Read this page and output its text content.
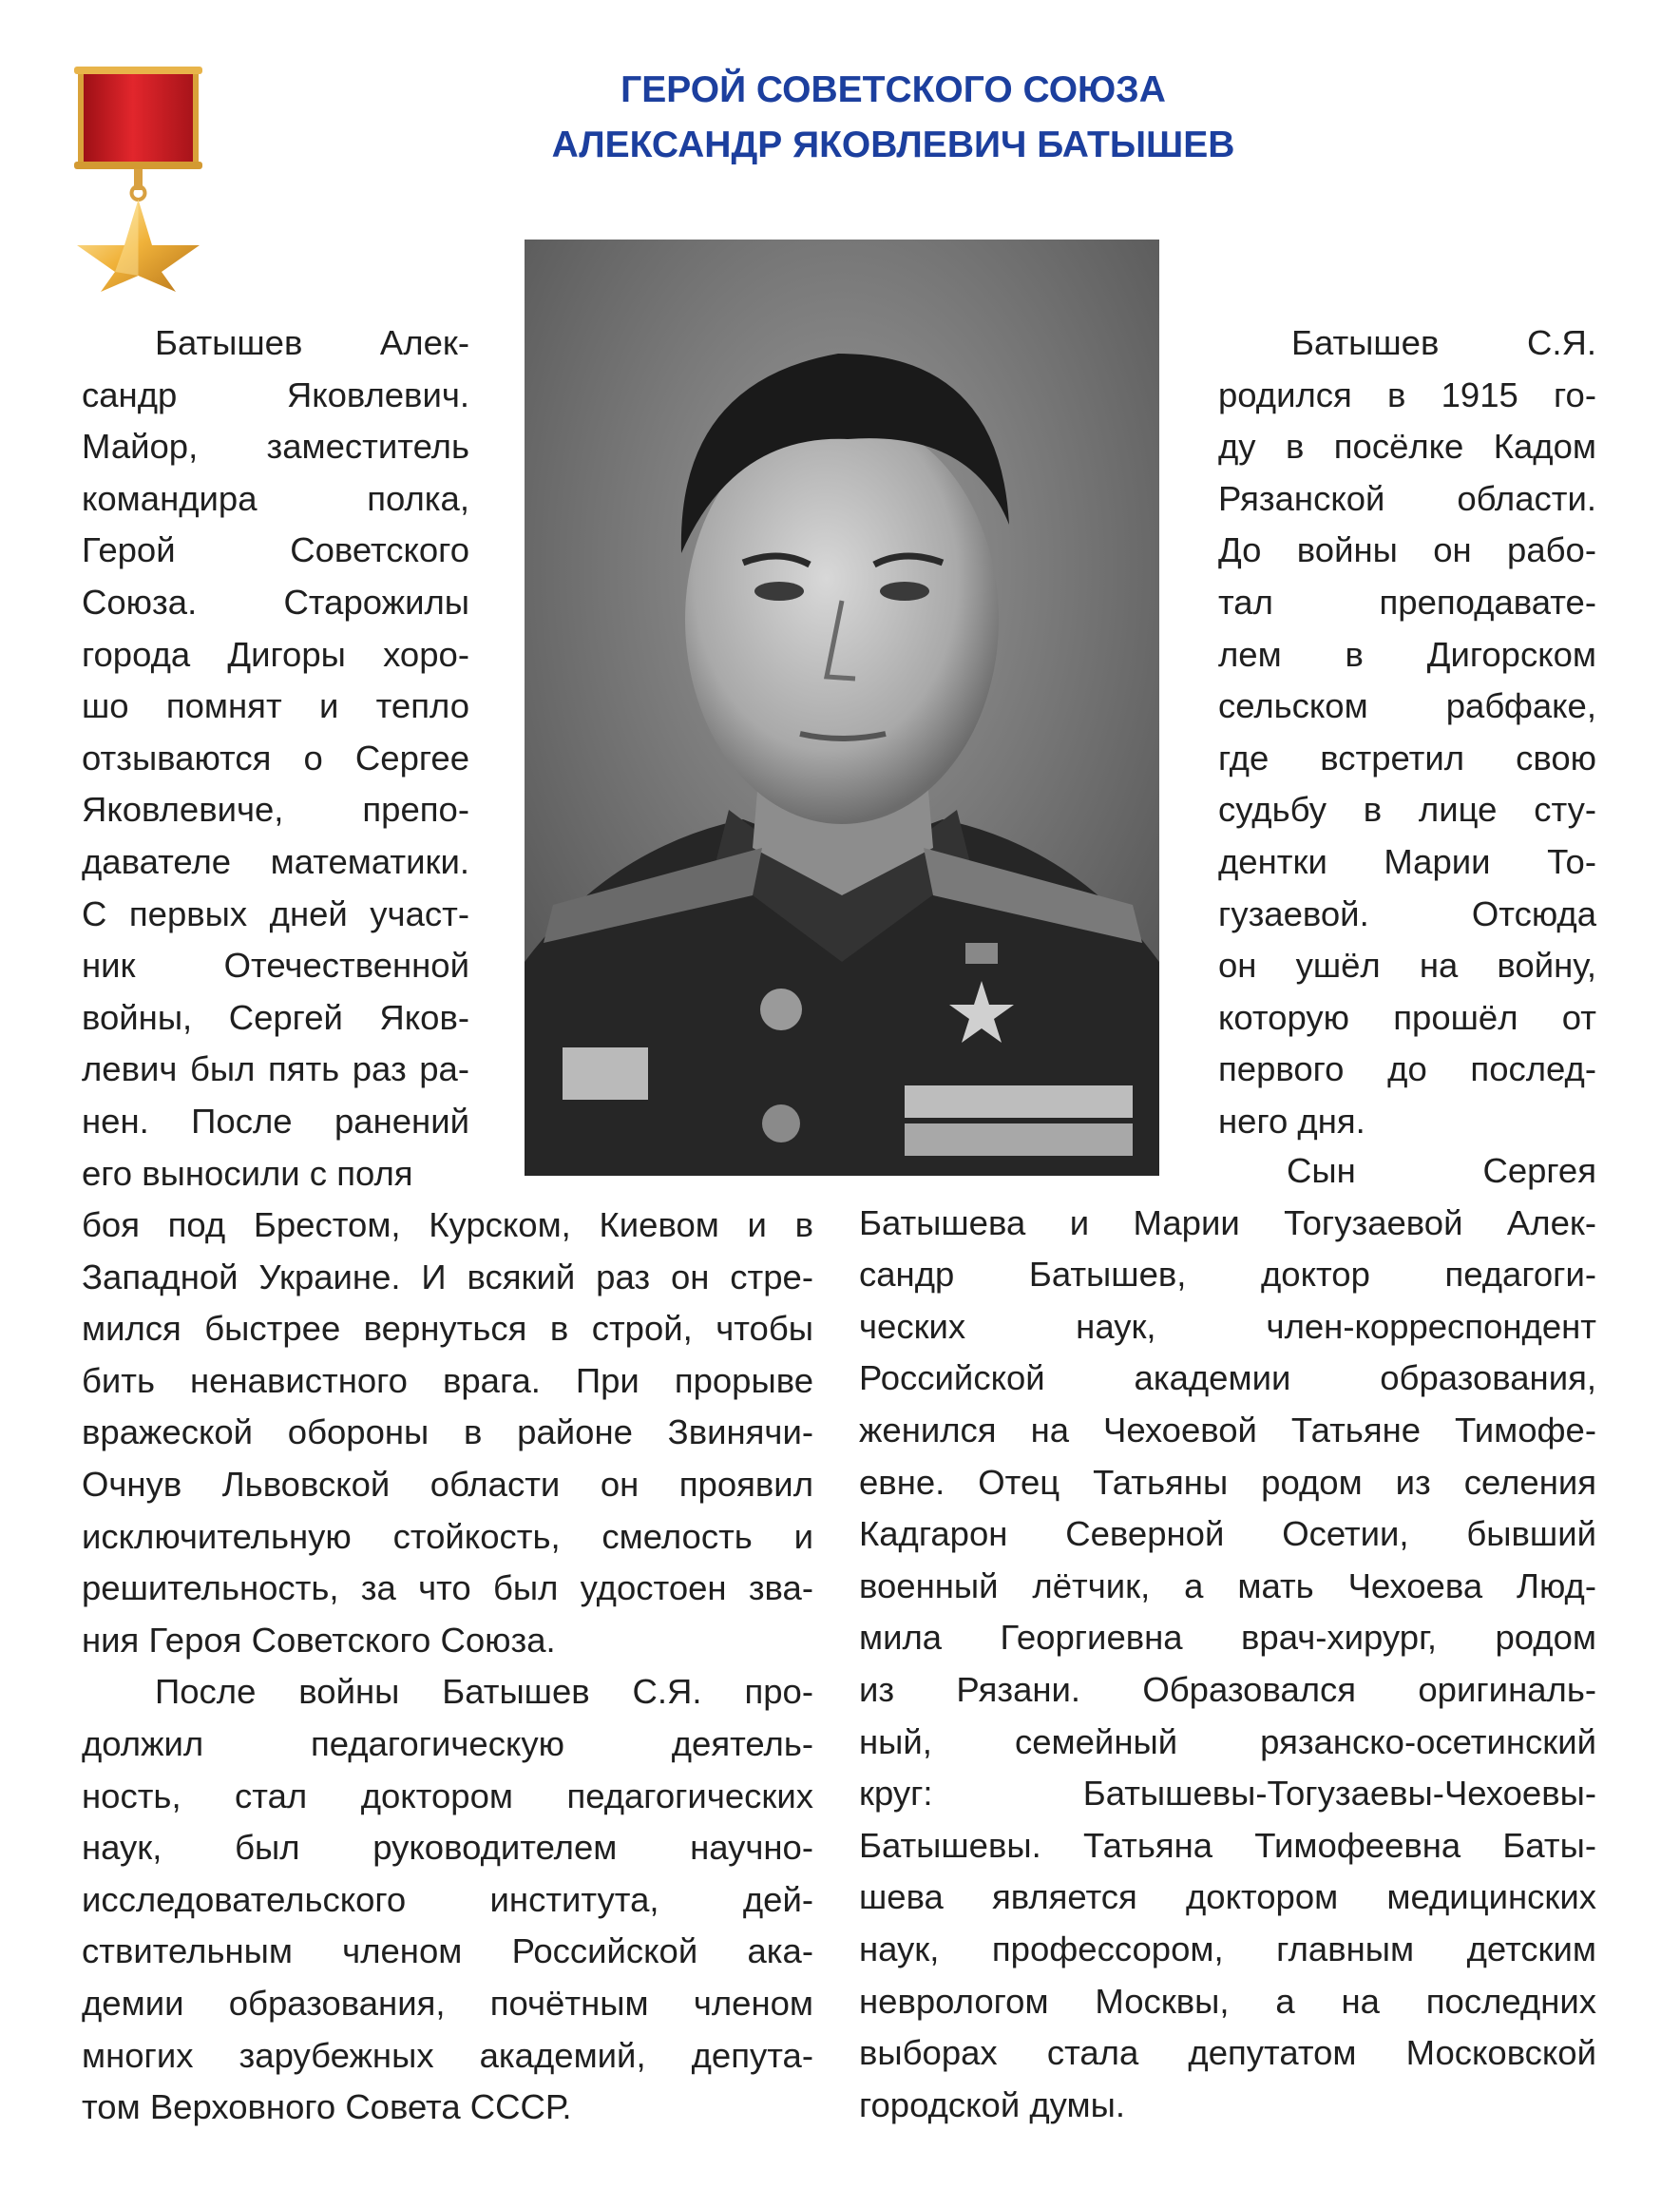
ГЕРОЙ СОВЕТСКОГО СОЮЗА
АЛЕКСАНДР ЯКОВЛЕВИЧ БАТЫШЕВ

Батышев Алек-
сандр Яковлевич.
Майор, заместитель
командира полка,
Герой Советского
Союза. Старожилы
города Дигоры хоро-
шо помнят и тепло
отзываются о Сергее
Яковлевиче, препо-
давателе математики.
С первых дней участ-
ник Отечественной
войны, Сергей Яков-
левич был пять раз ра-
нен. После ранений
его выносили с поля

боя под Брестом, Курском, Киевом и в
Западной Украине. И всякий раз он стре-
мился быстрее вернуться в строй, чтобы
бить ненавистного врага. При прорыве
вражеской обороны в районе Звинячи-
Очнув Львовской области он проявил
исключительную стойкость, смелость и
решительность, за что был удостоен зва-
ния Героя Советского Союза.

После войны Батышев С.Я. про-
должил педагогическую деятель-
ность, стал доктором педагогических
наук, был руководителем научно-
исследовательского института, дей-
ствительным членом Российской ака-
демии образования, почётным членом
многих зарубежных академий, депута-
том Верховного Совета СССР.

Батышев С.Я.
родился в 1915 го-
ду в посёлке Кадом
Рязанской области.
До войны он рабо-
тал преподавате-
лем в Дигорском
сельском рабфаке,
где встретил свою
судьбу в лице сту-
дентки Марии То-
гузаевой. Отсюда
он ушёл на войну,
которую прошёл от
первого до послед-
него дня.

Сын Сергея
Батышева и Марии Тогузаевой Алек-
сандр Батышев, доктор педагоги-
ческих наук, член-корреспондент
Российской академии образования,
женился на Чехоевой Татьяне Тимофе-
евне. Отец Татьяны родом из селения
Кадгарон Северной Осетии, бывший
военный лётчик, а мать Чехоева Люд-
мила Георгиевна врач-хирург, родом
из Рязани. Образовался оригиналь-
ный, семейный рязанско-осетинский
круг: Батышевы-Тогузаевы-Чехоевы-
Батышевы. Татьяна Тимофеевна Баты-
шева является доктором медицинских
наук, профессором, главным детским
неврологом Москвы, а на последних
выборах стала депутатом Московской
городской думы.
